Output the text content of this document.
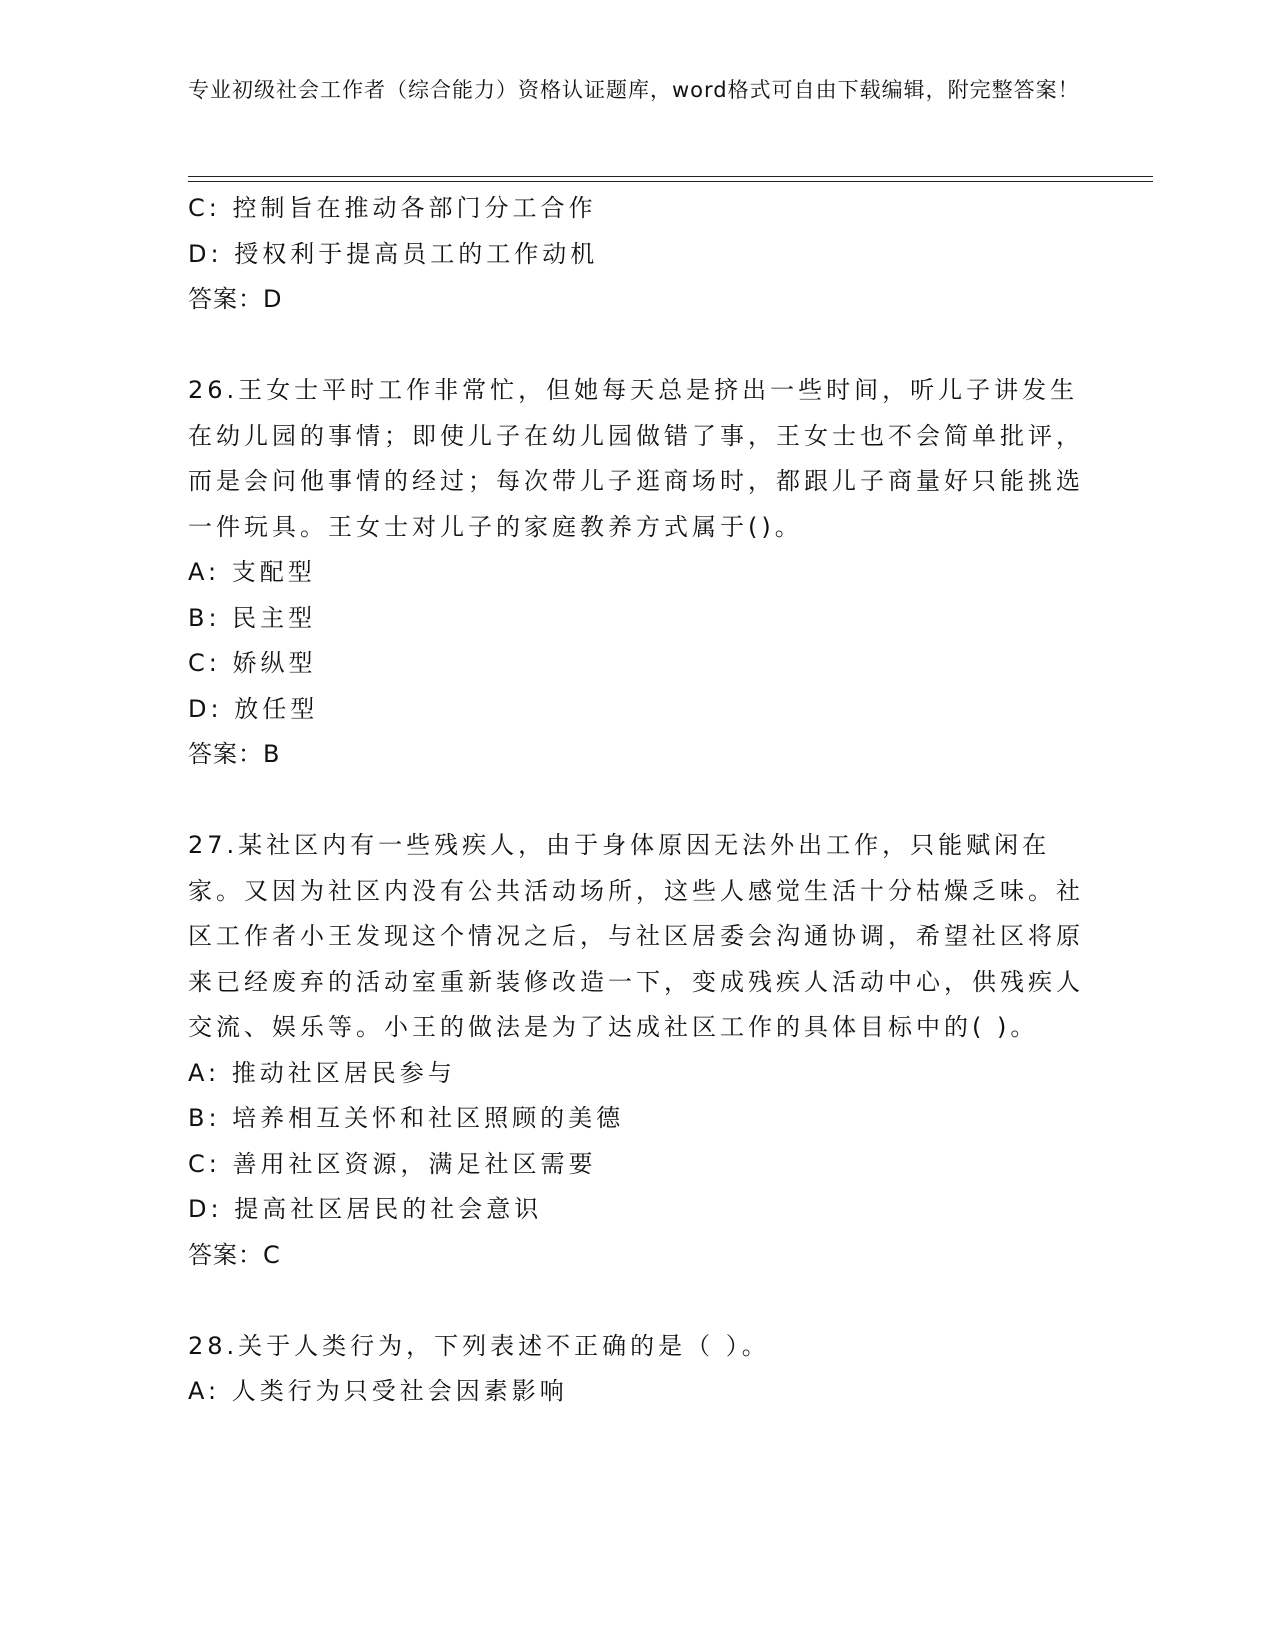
专业初级社会工作者（综合能力）资格认证题库，word格式可自由下载编辑，附完整答案！

C: 控制旨在推动各部门分工合作

D: 授权利于提高员工的工作动机

答案：D

26.王女士平时工作非常忙，但她每天总是挤出一些时间，听儿子讲发生在幼儿园的事情；即使儿子在幼儿园做错了事，王女士也不会简单批评，而是会问他事情的经过；每次带儿子逛商场时，都跟儿子商量好只能挑选一件玩具。王女士对儿子的家庭教养方式属于()。

A: 支配型

B: 民主型

C: 娇纵型

D: 放任型

答案：B

27.某社区内有一些残疾人，由于身体原因无法外出工作，只能赋闲在家。又因为社区内没有公共活动场所，这些人感觉生活十分枯燥乏味。社区工作者小王发现这个情况之后，与社区居委会沟通协调，希望社区将原来已经废弃的活动室重新装修改造一下，变成残疾人活动中心，供残疾人交流、娱乐等。小王的做法是为了达成社区工作的具体目标中的( )。

A: 推动社区居民参与

B: 培养相互关怀和社区照顾的美德

C: 善用社区资源，满足社区需要

D: 提高社区居民的社会意识

答案：C

28.关于人类行为，下列表述不正确的是（ ）。

A: 人类行为只受社会因素影响
